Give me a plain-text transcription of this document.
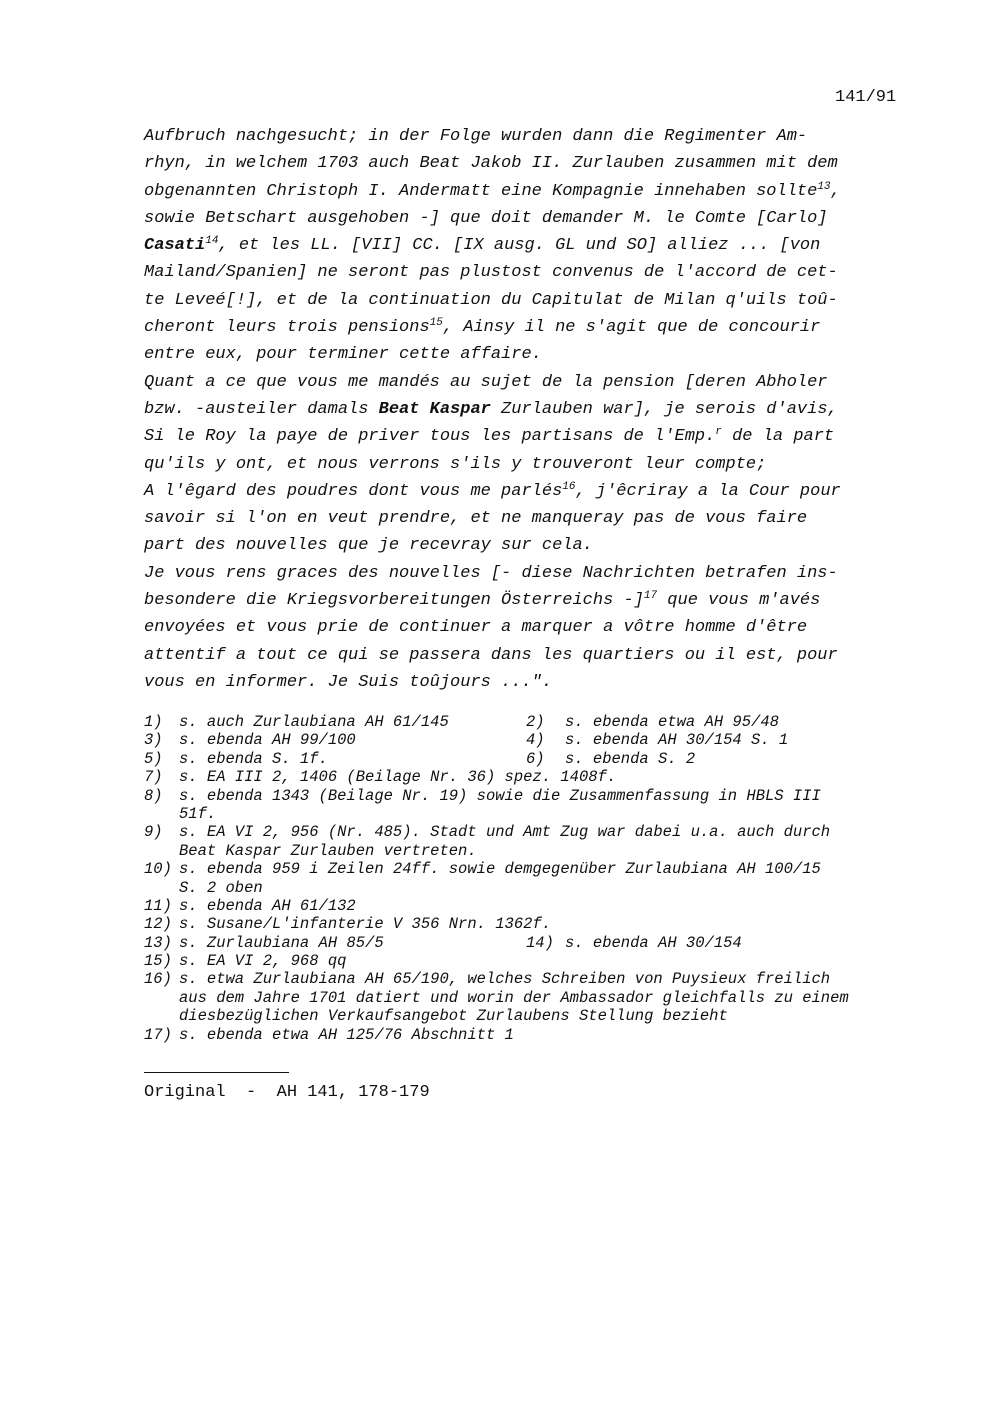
141/91
Aufbruch nachgesucht; in der Folge wurden dann die Regimenter Am-
rhyn, in welchem 1703 auch Beat Jakob II. Zurlauben zusammen mit dem
obgenannten Christoph I. Andermatt eine Kompagnie innehaben sollte$^{13}$,
sowie Betschart ausgehoben -] que doit demander M. le Comte [Carlo]
Casati$^{14}$, et les LL. [VII] CC. [IX ausg. GL und SO] alliez ... [von
Mailand/Spanien] ne seront pas plustost convenus de l'accord de cet-
te Leveé[!], et de la continuation du Capitulat de Milan q'uils toû-
cheront leurs trois pensions$^{15}$, Ainsy il ne s'agit que de concourir
entre eux, pour terminer cette affaire.
Quant a ce que vous me mandés au sujet de la pension [deren Abholer
bzw. -austeiler damals Beat Kaspar Zurlauben war], je serois d'avis,
Si le Roy la paye de priver tous les partisans de l'Emp.$^r$ de la part
qu'ils y ont, et nous verrons s'ils y trouveront leur compte;
A l'êgard des poudres dont vous me parlés$^{16}$, j'êcriray a la Cour pour
savoir si l'on en veut prendre, et ne manqueray pas de vous faire
part des nouvelles que je recevray sur cela.
Je vous rens graces des nouvelles [- diese Nachrichten betrafen ins-
besondere die Kriegsvorbereitungen Österreichs -]$^{17}$ que vous m'avés
envoyées et vous prie de continuer a marquer a vôtre homme d'être
attentif a tout ce qui se passera dans les quartiers ou il est, pour
vous en informer. Je Suis toûjours ...".
1) s. auch Zurlaubiana AH 61/145	2) s. ebenda etwa AH 95/48
3) s. ebenda AH 99/100	4) s. ebenda AH 30/154 S. 1
5) s. ebenda S. 1f.	6) s. ebenda S. 2
7) s. EA III 2, 1406 (Beilage Nr. 36) spez. 1408f.
8) s. ebenda 1343 (Beilage Nr. 19) sowie die Zusammenfassung in HBLS III
51f.
9) s. EA VI 2, 956 (Nr. 485). Stadt und Amt Zug war dabei u.a. auch durch
Beat Kaspar Zurlauben vertreten.
10) s. ebenda 959 i Zeilen 24ff. sowie demgegenüber Zurlaubiana AH 100/15
S. 2 oben
11) s. ebenda AH 61/132
12) s. Susane/L'infanterie V 356 Nrn. 1362f.
13) s. Zurlaubiana AH 85/5	14) s. ebenda AH 30/154
15) s. EA VI 2, 968 qq
16) s. etwa Zurlaubiana AH 65/190, welches Schreiben von Puysieux freilich
aus dem Jahre 1701 datiert und worin der Ambassador gleichfalls zu einem
diesbezüglichen Verkaufsangebot Zurlaubens Stellung bezieht
17) s. ebenda etwa AH 125/76 Abschnitt 1
Original  -  AH 141, 178-179
